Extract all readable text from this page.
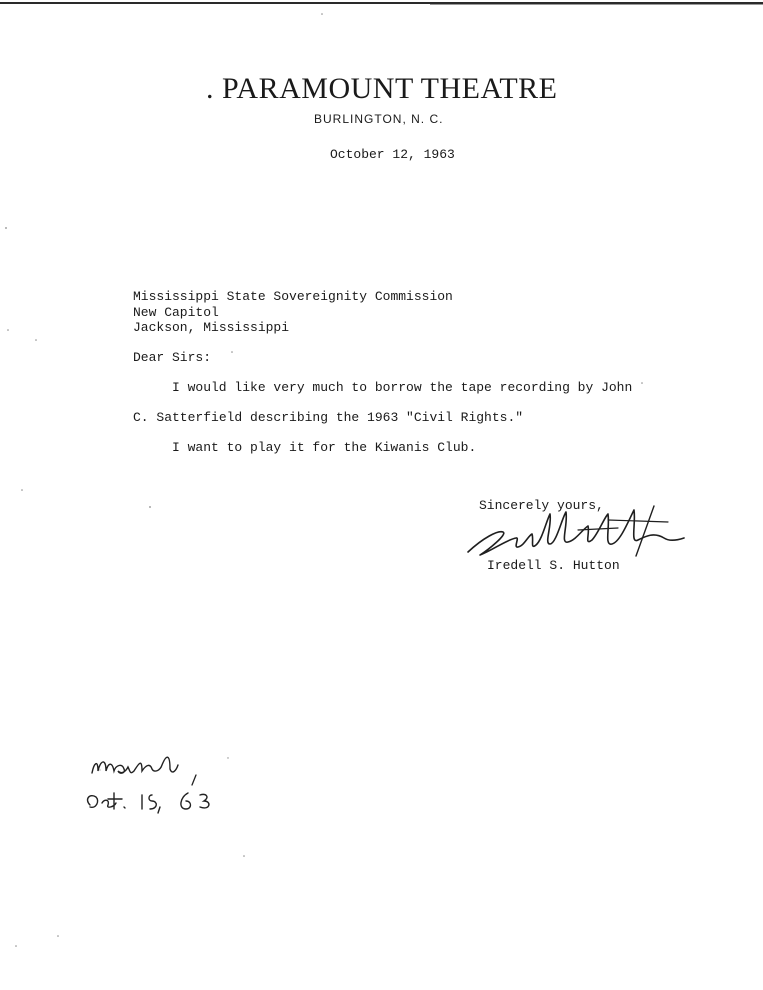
. PARAMOUNT THEATRE
BURLINGTON, N. C.
October 12, 1963
Mississippi State Sovereignity Commission
New Capitol
Jackson, Mississippi
Dear Sirs:
I would like very much to borrow the tape recording by John
C. Satterfield describing the 1963 "Civil Rights."
I want to play it for the Kiwanis Club.
Sincerely yours,
Iredell S. Hutton
